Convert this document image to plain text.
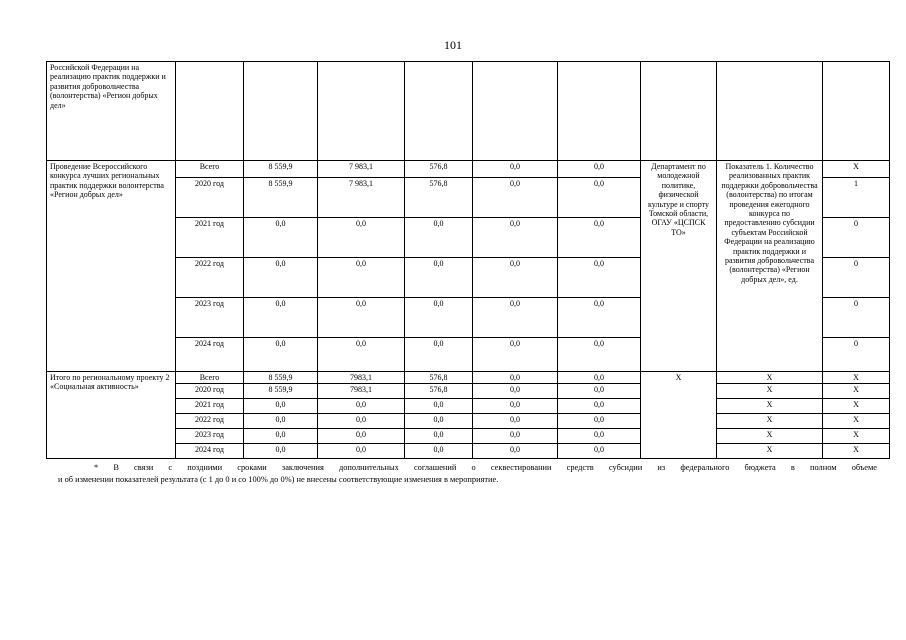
101
Российской Федерации на реализацию практик поддержки и развития добровольчества (волонтерства) «Регион добрых дел»									
Проведение Всероссийского конкурса лучших региональных практик поддержки волонтерства «Регион добрых дел»	Всего	8 559,9	7 983,1	576,8	0,0	0,0	Департамент по молодежной политике, физической культуре и спорту Томской области, ОГАУ «ЦСПСК ТО»	Показатель 1. Количество реализованных практик поддержки добровольчества (волонтерства) по итогам проведения ежегодного конкурса по предоставлению субсидии субъектам Российской Федерации на реализацию практик поддержки и развития добровольчества (волонтерства) «Регион добрых дел», ед.	X
	2020 год	8 559,9	7 983,1	576,8	0,0	0,0			1
	2021 год	0,0	0,0	0,0	0,0	0,0			0
	2022 год	0,0	0,0	0,0	0,0	0,0			0
	2023 год	0,0	0,0	0,0	0,0	0,0			0
	2024 год	0,0	0,0	0,0	0,0	0,0			0
Итого по региональному проекту 2 «Социальная активность»	Всего	8 559,9	7983,1	576,8	0,0	0,0	X	X	X
	2020 год	8 559,9	7983,1	576,8	0,0	0,0		X	X
	2021 год	0,0	0,0	0,0	0,0	0,0		X	X
	2022 год	0,0	0,0	0,0	0,0	0,0		X	X
	2023 год	0,0	0,0	0,0	0,0	0,0		X	X
	2024 год	0,0	0,0	0,0	0,0	0,0		X	X
* В связи с поздними сроками заключения дополнительных соглашений о секвестировании средств субсидии из федерального бюджета в полном объеме
и об изменении показателей результата (с 1 до 0 и со 100% до 0%) не внесены соответствующие изменения в мероприятие.
